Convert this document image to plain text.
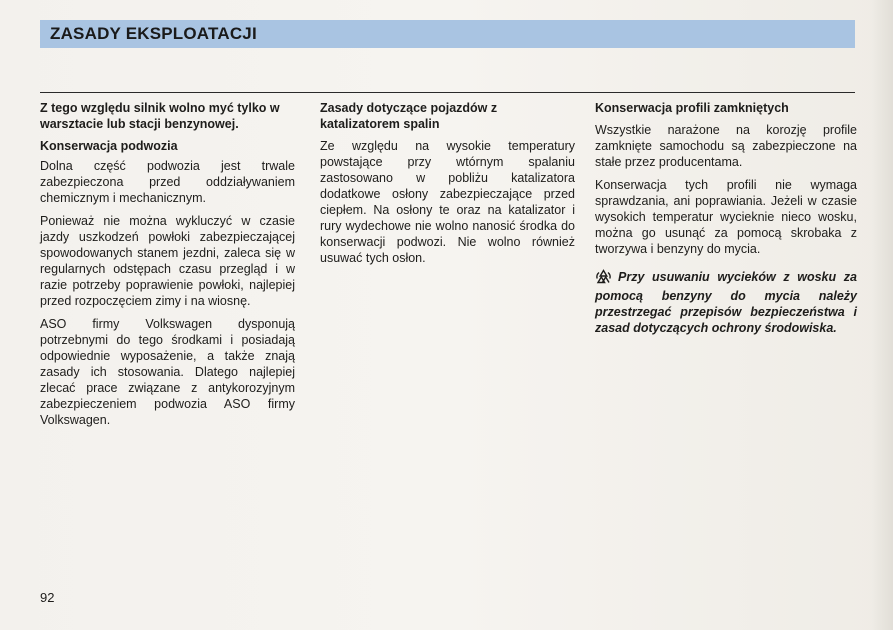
ZASADY EKSPLOATACJI
Z tego względu silnik wolno myć tylko w warsztacie lub stacji benzynowej.
Konserwacja podwozia

Dolna część podwozia jest trwale zabezpieczona przed oddziaływaniem chemicznym i mechanicznym.

Ponieważ nie można wykluczyć w czasie jazdy uszkodzeń powłoki zabezpieczającej spowodowanych stanem jezdni, zaleca się w regularnych odstępach czasu przegląd i w razie potrzeby poprawienie powłoki, najlepiej przed rozpoczęciem zimy i na wiosnę.

ASO firmy Volkswagen dysponują potrzebnymi do tego środkami i posiadają odpowiednie wyposażenie, a także znają zasady ich stosowania. Dlatego najlepiej zlecać prace związane z antykorozyjnym zabezpieczeniem podwozia ASO firmy Volkswagen.

Zasady dotyczące pojazdów z katalizatorem spalin

Ze względu na wysokie temperatury powstające przy wtórnym spalaniu zastosowano w pobliżu katalizatora dodatkowe osłony zabezpieczające przed ciepłem. Na osłony te oraz na katalizator i rury wydechowe nie wolno nanosić środka do konserwacji podwozi. Nie wolno również usuwać tych osłon.

Konserwacja profili zamkniętych

Wszystkie narażone na korozję profile zamknięte samochodu są zabezpieczone na stałe przez producentama.

Konserwacja tych profili nie wymaga sprawdzania, ani poprawiania. Jeżeli w czasie wysokich temperatur wycieknie nieco wosku, można go usunąć za pomocą skrobaka z tworzywa i benzyny do mycia.

Przy usuwaniu wycieków z wosku za pomocą benzyny do mycia należy przestrzegać przepisów bezpieczeństwa i zasad dotyczących ochrony środowiska.
92
